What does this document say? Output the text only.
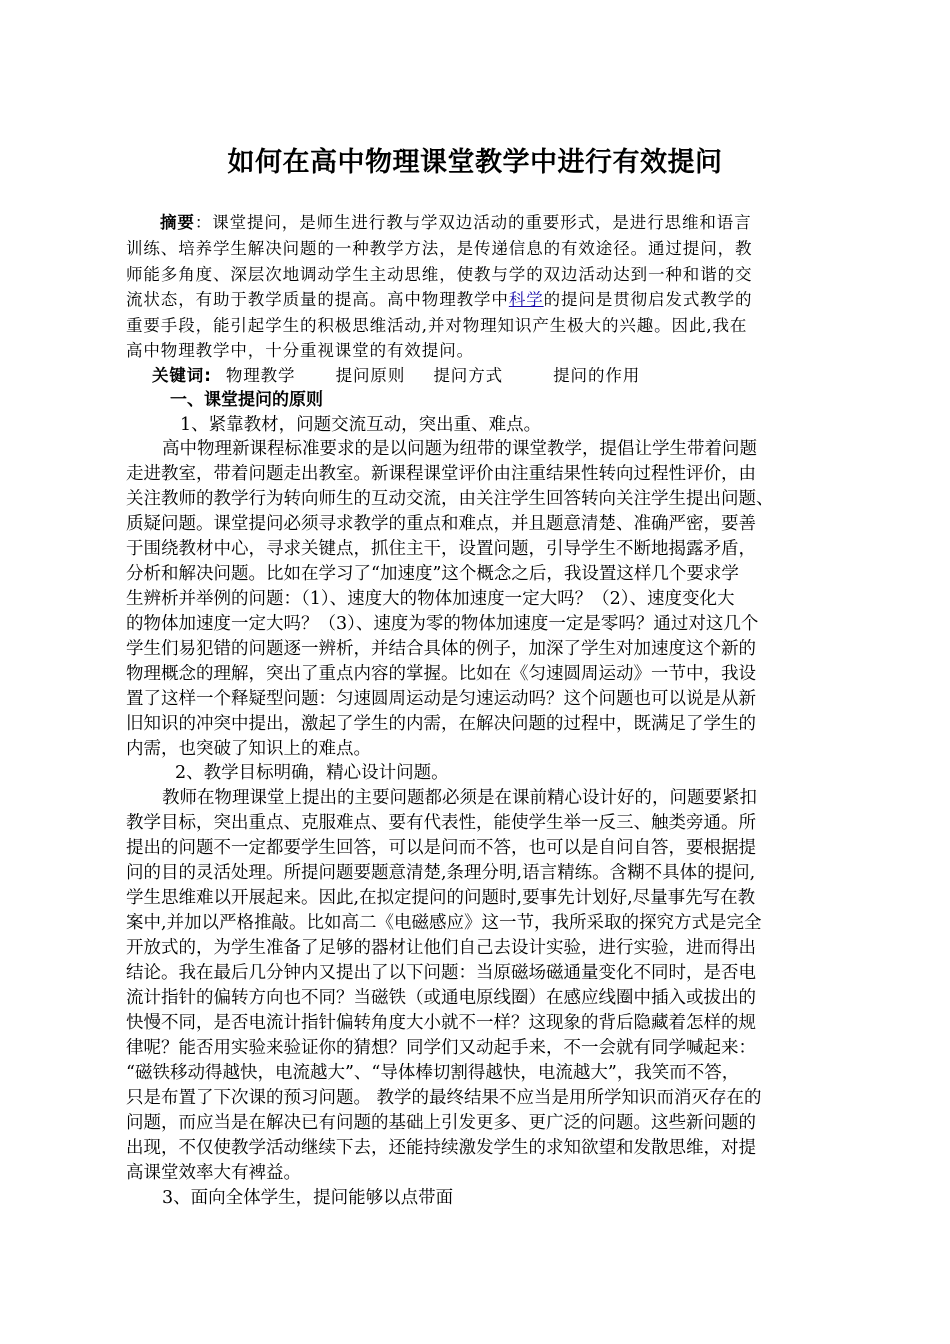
如何在高中物理课堂教学中进行有效提问
摘要：课堂提问，是师生进行教与学双边活动的重要形式，是进行思维和语言
训练、培养学生解决问题的一种教学方法，是传递信息的有效途径。通过提问，教
师能多角度、深层次地调动学生主动思维，使教与学的双边活动达到一种和谐的交
流状态，有助于教学质量的提高。高中物理教学中科学的提问是贯彻启发式教学的
重要手段，能引起学生的积极思维活动,并对物理知识产生极大的兴趣。因此,我在
高中物理教学中，十分重视课堂的有效提问。
关键词: 物理教学 提问原则 提问方式	提问的作用
一、课堂提问的原则
1、紧靠教材，问题交流互动，突出重、难点。
高中物理新课程标准要求的是以问题为纽带的课堂教学，提倡让学生带着问题
走进教室，带着问题走出教室。新课程课堂评价由注重结果性转向过程性评价，由
关注教师的教学行为转向师生的互动交流，由关注学生回答转向关注学生提出问题、
质疑问题。课堂提问必须寻求教学的重点和难点，并且题意清楚、准确严密，要善
于围绕教材中心，寻求关键点，抓住主干，设置问题，引导学生不断地揭露矛盾，
分析和解决问题。比如在学习了“加速度”这个概念之后，我设置这样几个要求学
生辨析并举例的问题：（1）、速度大的物体加速度一定大吗？（2）、速度变化大
的物体加速度一定大吗？（3）、速度为零的物体加速度一定是零吗？通过对这几个
学生们易犯错的问题逐一辨析，并结合具体的例子，加深了学生对加速度这个新的
物理概念的理解，突出了重点内容的掌握。比如在《匀速圆周运动》一节中，我设
置了这样一个释疑型问题：匀速圆周运动是匀速运动吗？这个问题也可以说是从新
旧知识的冲突中提出，激起了学生的内需，在解决问题的过程中，既满足了学生的
内需，也突破了知识上的难点。
2、教学目标明确，精心设计问题。
教师在物理课堂上提出的主要问题都必须是在课前精心设计好的，问题要紧扣
教学目标，突出重点、克服难点、要有代表性，能使学生举一反三、触类旁通。所
提出的问题不一定都要学生回答，可以是问而不答，也可以是自问自答，要根据提
问的目的灵活处理。所提问题要题意清楚,条理分明,语言精练。含糊不具体的提问,
学生思维难以开展起来。因此,在拟定提问的问题时,要事先计划好,尽量事先写在教
案中,并加以严格推敲。比如高二《电磁感应》这一节，我所采取的探究方式是完全
开放式的，为学生准备了足够的器材让他们自己去设计实验，进行实验，进而得出
结论。我在最后几分钟内又提出了以下问题：当原磁场磁通量变化不同时，是否电
流计指针的偏转方向也不同？当磁铁（或通电原线圈）在感应线圈中插入或拔出的
快慢不同，是否电流计指针偏转角度大小就不一样？这现象的背后隐藏着怎样的规
律呢？能否用实验来验证你的猜想？同学们又动起手来，不一会就有同学喊起来：
“磁铁移动得越快，电流越大”、“导体棒切割得越快，电流越大”，我笑而不答，
只是布置了下次课的预习问题。 教学的最终结果不应当是用所学知识而消灭存在的
问题，而应当是在解决已有问题的基础上引发更多、更广泛的问题。这些新问题的
出现，不仅使教学活动继续下去，还能持续激发学生的求知欲望和发散思维，对提
高课堂效率大有裨益。
3、面向全体学生，提问能够以点带面
